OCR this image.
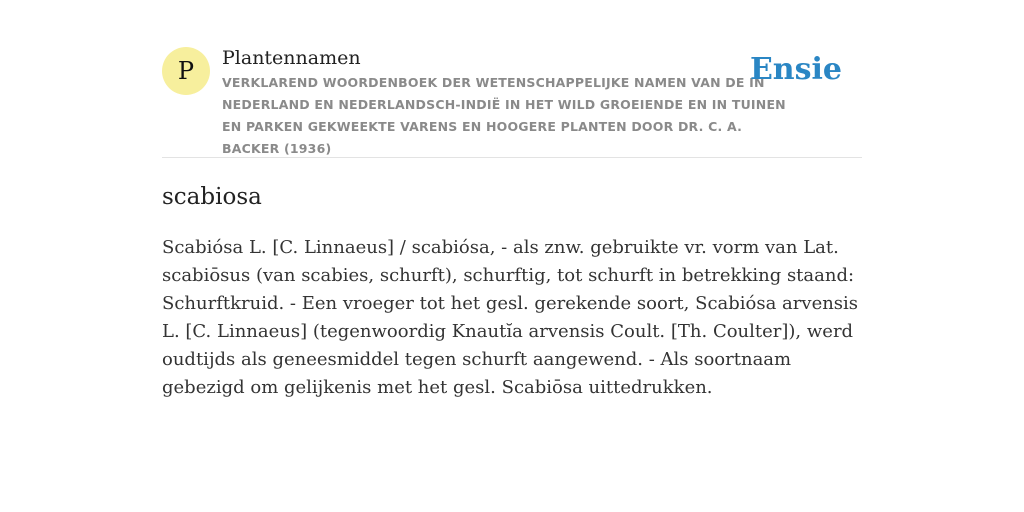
P	Plantennamen
VERKLAREND WOORDENBOEK DER WETENSCHAPPELIJKE NAMEN VAN DE IN NEDERLAND EN NEDERLANDSCH-INDIË IN HET WILD GROEIENDE EN IN TUINEN EN PARKEN GEKWEEKTE VARENS EN HOOGERE PLANTEN DOOR DR. C. A. BACKER (1936)
Ensie
scabiosa

Scabiósa L. [C. Linnaeus] / scabiósa, - als znw. gebruikte vr. vorm van Lat. scabiōsus (van scabies, schurft), schurftig, tot schurft in betrekking staand: Schurftkruid. - Een vroeger tot het gesl. gerekende soort, Scabiósa arvensis L. [C. Linnaeus] (tegenwoordig Knautĭa arvensis Coult. [Th. Coulter]), werd oudtijds als geneesmiddel tegen schurft aangewend. - Als soortnaam gebezigd om gelijkenis met het gesl. Scabiōsa uittedrukken.
